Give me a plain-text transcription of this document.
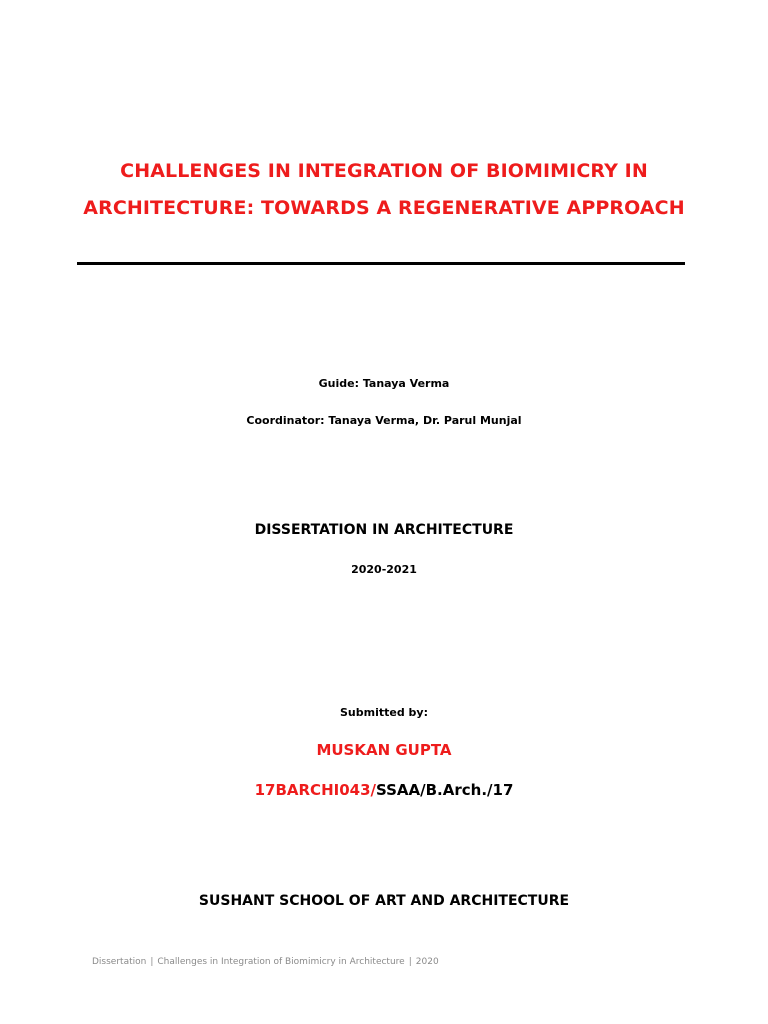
CHALLENGES IN INTEGRATION OF BIOMIMICRY IN
ARCHITECTURE: TOWARDS A REGENERATIVE APPROACH
Guide: Tanaya Verma
Coordinator: Tanaya Verma, Dr. Parul Munjal
DISSERTATION IN ARCHITECTURE
2020-2021
Submitted by:
MUSKAN GUPTA
17BARCHI043/SSAA/B.Arch./17
SUSHANT SCHOOL OF ART AND ARCHITECTURE
Dissertation | Challenges in Integration of Biomimicry in Architecture | 2020
